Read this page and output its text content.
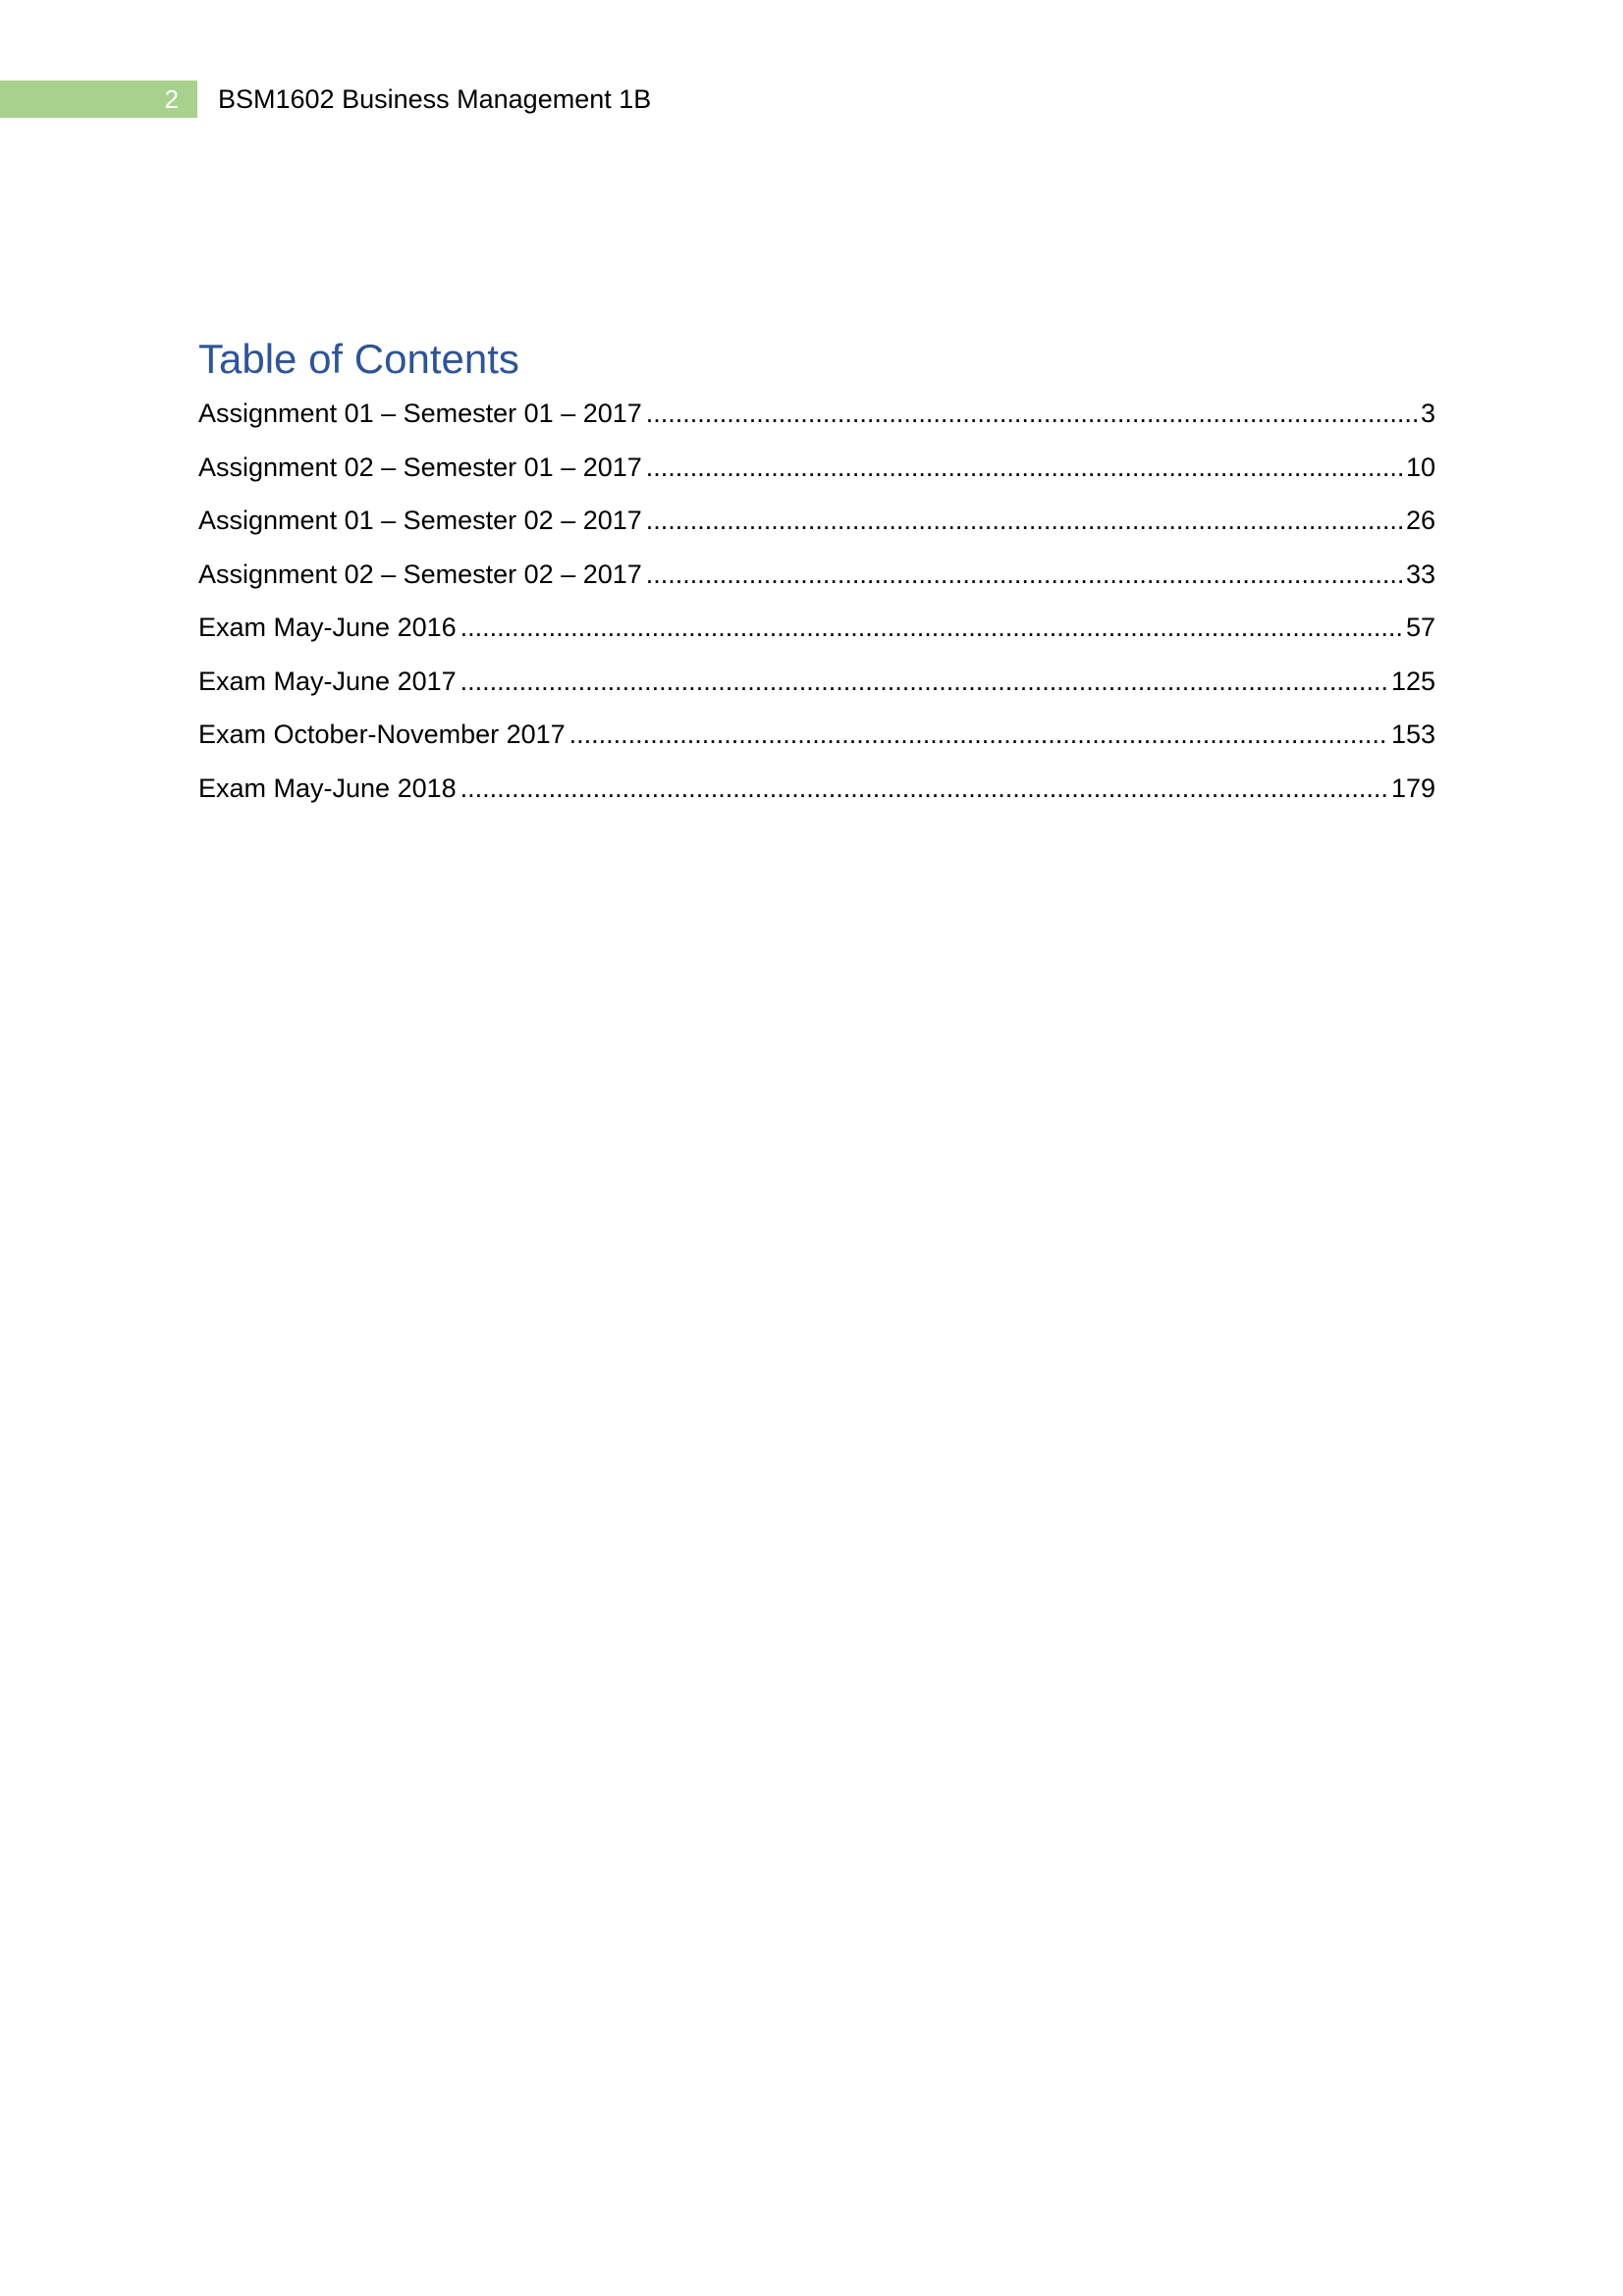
2 BSM1602 Business Management 1B
Table of Contents
Assignment 01 – Semester 01 – 2017 .....	3
Assignment 02 – Semester 01 – 2017 .....	10
Assignment 01 – Semester 02 – 2017 .....	26
Assignment 02 – Semester 02 – 2017 .....	33
Exam May-June 2016 .....	57
Exam May-June 2017 .....	125
Exam October-November 2017 .....	153
Exam May-June 2018 .....	179
